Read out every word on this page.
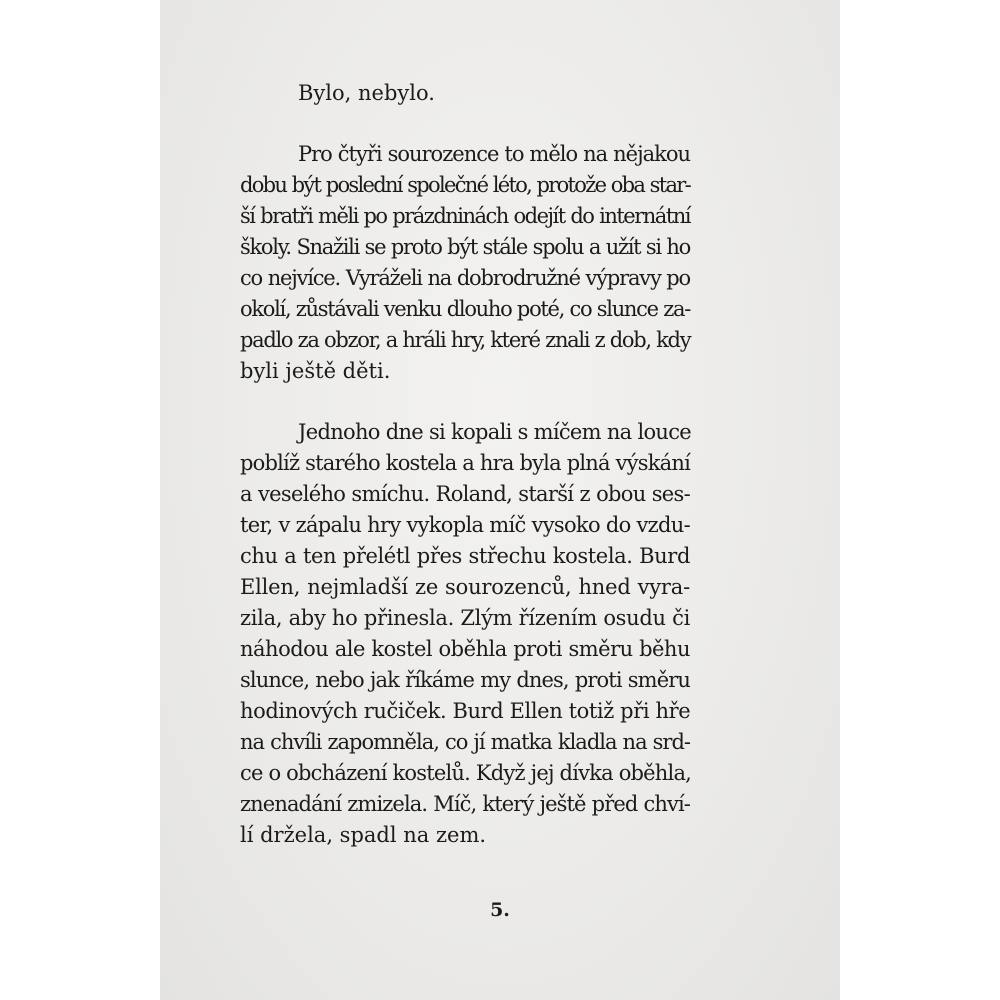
Bylo, nebylo.
Pro čtyři sourozence to mělo na nějakou
dobu být poslední společné léto, protože oba star-
ší bratři měli po prázdninách odejít do internátní
školy. Snažili se proto být stále spolu a užít si ho
co nejvíce. Vyráželi na dobrodružné výpravy po
okolí, zůstávali venku dlouho poté, co slunce za-
padlo za obzor, a hráli hry, které znali z dob, kdy
byli ještě děti.
Jednoho dne si kopali s míčem na louce
poblíž starého kostela a hra byla plná výskání
a veselého smíchu. Roland, starší z obou ses-
ter, v zápalu hry vykopla míč vysoko do vzdu-
chu a ten přelétl přes střechu kostela. Burd
Ellen, nejmladší ze sourozenců, hned vyra-
zila, aby ho přinesla. Zlým řízením osudu či
náhodou ale kostel oběhla proti směru běhu
slunce, nebo jak říkáme my dnes, proti směru
hodinových ručiček. Burd Ellen totiž při hře
na chvíli zapomněla, co jí matka kladla na srd-
ce o obcházení kostelů. Když jej dívka oběhla,
znenadání zmizela. Míč, který ještě před chví-
lí držela, spadl na zem.
5.
